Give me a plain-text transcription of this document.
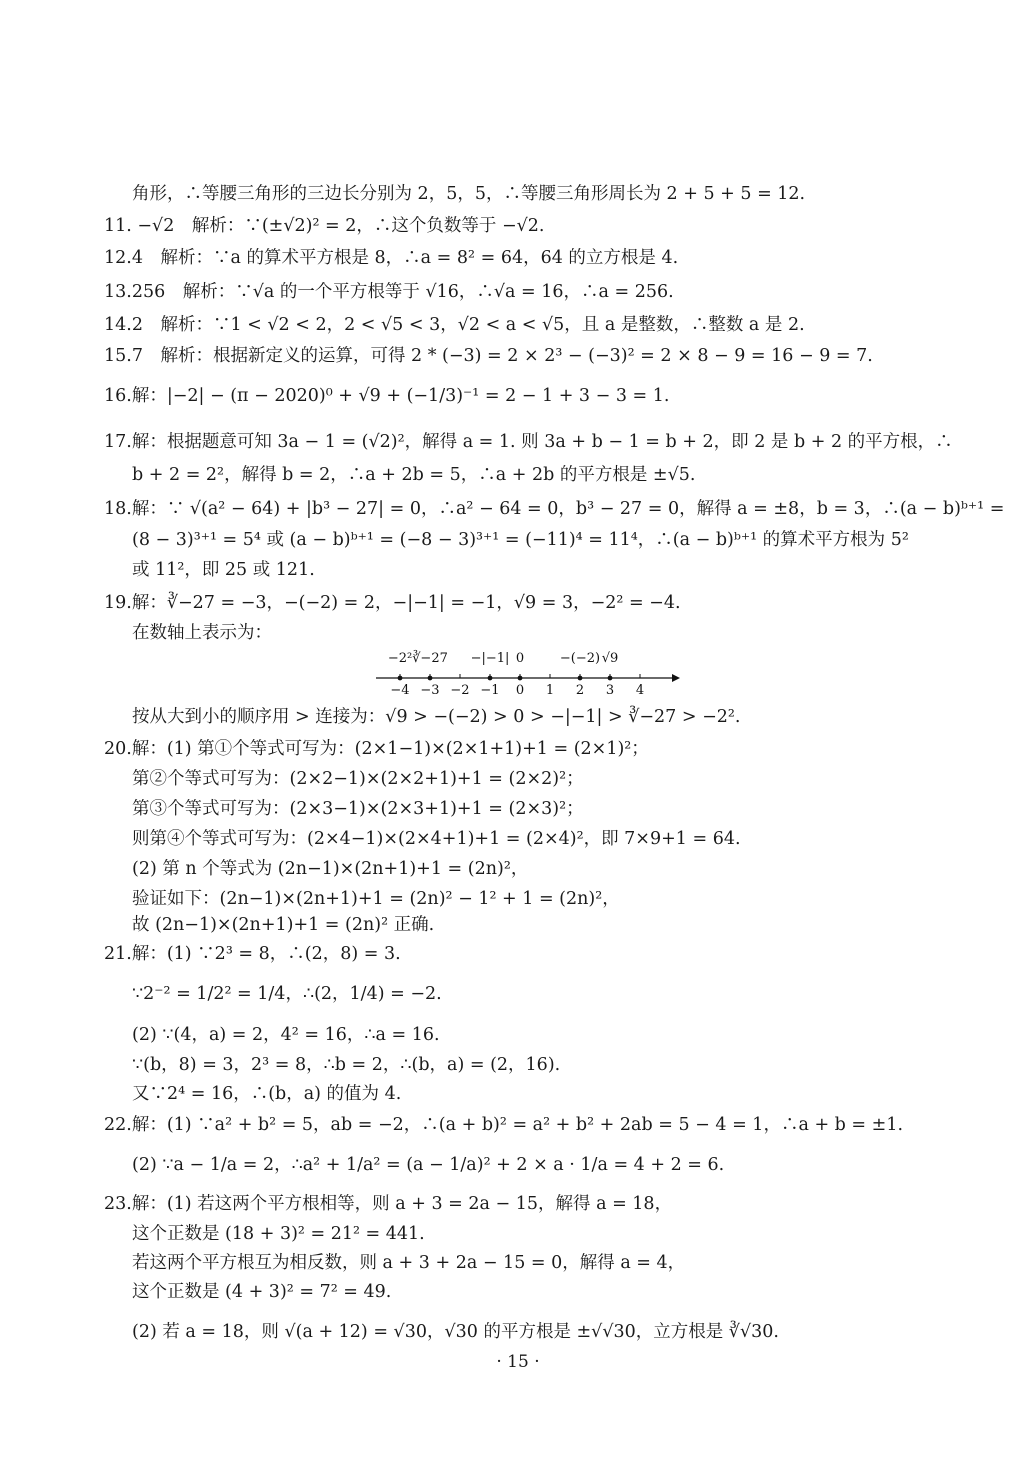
角形，∴等腰三角形的三边长分别为 2，5，5，∴等腰三角形周长为 2 + 5 + 5 = 12.
11. −√2　解析：∵(±√2)² = 2，∴这个负数等于 −√2.
12.4　解析：∵a 的算术平方根是 8，∴a = 8² = 64，64 的立方根是 4.
13.256　解析：∵√a 的一个平方根等于 √16，∴√a = 16，∴a = 256.
14.2　解析：∵1 < √2 < 2，2 < √5 < 3，√2 < a < √5，且 a 是整数，∴整数 a 是 2.
15.7　解析：根据新定义的运算，可得 2 * (−3) = 2 × 2³ − (−3)² = 2 × 8 − 9 = 16 − 9 = 7.
16.解：|−2| − (π − 2020)⁰ + √9 + (−1/3)⁻¹ = 2 − 1 + 3 − 3 = 1.
17.解：根据题意可知 3a − 1 = (√2)²，解得 a = 1. 则 3a + b − 1 = b + 2，即 2 是 b + 2 的平方根，∴
b + 2 = 2²，解得 b = 2，∴a + 2b = 5，∴a + 2b 的平方根是 ±√5.
18.解：∵ √(a² − 64) + |b³ − 27| = 0，∴a² − 64 = 0，b³ − 27 = 0，解得 a = ±8，b = 3，∴(a − b)ᵇ⁺¹ =
(8 − 3)³⁺¹ = 5⁴ 或 (a − b)ᵇ⁺¹ = (−8 − 3)³⁺¹ = (−11)⁴ = 11⁴，∴(a − b)ᵇ⁺¹ 的算术平方根为 5²
或 11²，即 25 或 121.
19.解：∛−27 = −3，−(−2) = 2，−|−1| = −1，√9 = 3，−2² = −4.
在数轴上表示为：
−4 −3 −2 −1 0 1 2 3 4
−2² ∛−27 −|−1| 0	−(−2) √9
按从大到小的顺序用 > 连接为：√9 > −(−2) > 0 > −|−1| > ∛−27 > −2².
20.解：(1) 第①个等式可写为：(2×1−1)×(2×1+1)+1 = (2×1)²；
第②个等式可写为：(2×2−1)×(2×2+1)+1 = (2×2)²；
第③个等式可写为：(2×3−1)×(2×3+1)+1 = (2×3)²；
则第④个等式可写为：(2×4−1)×(2×4+1)+1 = (2×4)²，即 7×9+1 = 64.
(2) 第 n 个等式为 (2n−1)×(2n+1)+1 = (2n)²，
验证如下：(2n−1)×(2n+1)+1 = (2n)² − 1² + 1 = (2n)²，
故 (2n−1)×(2n+1)+1 = (2n)² 正确.
21.解：(1) ∵2³ = 8，∴(2，8) = 3.
∵2⁻² = 1/2² = 1/4，∴(2，1/4) = −2.
(2) ∵(4，a) = 2，4² = 16，∴a = 16.
∵(b，8) = 3，2³ = 8，∴b = 2，∴(b，a) = (2，16).
又∵2⁴ = 16，∴(b，a) 的值为 4.
22.解：(1) ∵a² + b² = 5，ab = −2，∴(a + b)² = a² + b² + 2ab = 5 − 4 = 1，∴a + b = ±1.
(2) ∵a − 1/a = 2，∴a² + 1/a² = (a − 1/a)² + 2 × a · 1/a = 4 + 2 = 6.
23.解：(1) 若这两个平方根相等，则 a + 3 = 2a − 15，解得 a = 18，
这个正数是 (18 + 3)² = 21² = 441.
若这两个平方根互为相反数，则 a + 3 + 2a − 15 = 0，解得 a = 4，
这个正数是 (4 + 3)² = 7² = 49.
(2) 若 a = 18，则 √(a + 12) = √30，√30 的平方根是 ±√√30，立方根是 ∛√30.
· 15 ·
